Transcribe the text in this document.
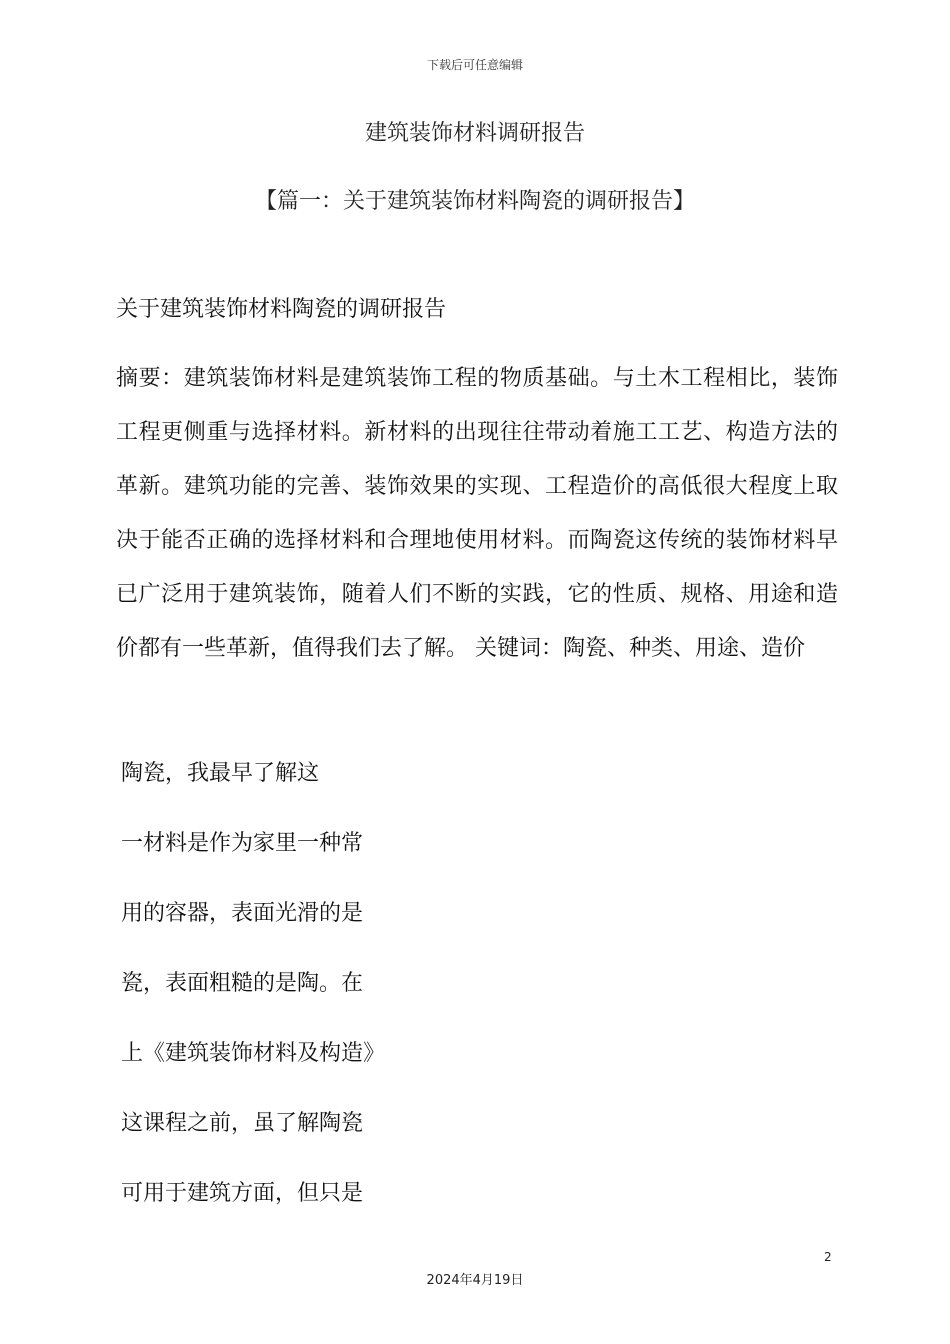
下载后可任意编辑
建筑装饰材料调研报告
【篇一：关于建筑装饰材料陶瓷的调研报告】
关于建筑装饰材料陶瓷的调研报告

摘要：建筑装饰材料是建筑装饰工程的物质基础。与土木工程相比，装饰工程更侧重与选择材料。新材料的出现往往带动着施工工艺、构造方法的革新。建筑功能的完善、装饰效果的实现、工程造价的高低很大程度上取决于能否正确的选择材料和合理地使用材料。而陶瓷这传统的装饰材料早已广泛用于建筑装饰，随着人们不断的实践，它的性质、规格、用途和造价都有一些革新，值得我们去了解。 关键词：陶瓷、种类、用途、造价

陶瓷，我最早了解这
一材料是作为家里一种常
用的容器，表面光滑的是
瓷，表面粗糙的是陶。在
上《建筑装饰材料及构造》
这课程之前，虽了解陶瓷
可用于建筑方面，但只是
2
2024年4月19日
